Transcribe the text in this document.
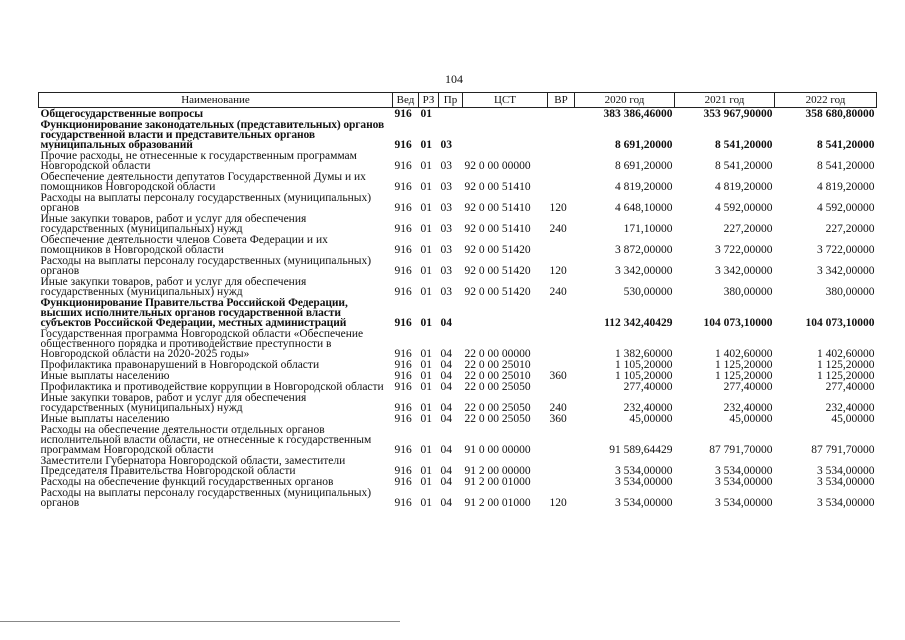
104
Наименование	Вед	РЗ	Пр	ЦСТ	ВР	2020 год	2021 год	2022 год
Общегосударственные вопросы	916	01				383 386,46000	353 967,90000	358 680,80000
Функционирование законодательных (представительных) органов государственной власти и представительных органов муниципальных образований	916	01	03			8 691,20000	8 541,20000	8 541,20000
Прочие расходы, не отнесенные к государственным программам Новгородской области	916	01	03	92 0 00 00000		8 691,20000	8 541,20000	8 541,20000
Обеспечение деятельности депутатов Государственной Думы и их помощников Новгородской области	916	01	03	92 0 00 51410		4 819,20000	4 819,20000	4 819,20000
Расходы на выплаты персоналу государственных (муниципальных) органов	916	01	03	92 0 00 51410	120	4 648,10000	4 592,00000	4 592,00000
Иные закупки товаров, работ и услуг для обеспечения государственных (муниципальных) нужд	916	01	03	92 0 00 51410	240	171,10000	227,20000	227,20000
Обеспечение деятельности членов Совета Федерации и их помощников в Новгородской области	916	01	03	92 0 00 51420		3 872,00000	3 722,00000	3 722,00000
Расходы на выплаты персоналу государственных (муниципальных) органов	916	01	03	92 0 00 51420	120	3 342,00000	3 342,00000	3 342,00000
Иные закупки товаров, работ и услуг для обеспечения государственных (муниципальных) нужд	916	01	03	92 0 00 51420	240	530,00000	380,00000	380,00000
Функционирование Правительства Российской Федерации, высших исполнительных органов государственной власти субъектов Российской Федерации, местных администраций	916	01	04			112 342,40429	104 073,10000	104 073,10000
Государственная программа Новгородской области «Обеспечение общественного порядка и противодействие преступности в Новгородской области на 2020-2025 годы»	916	01	04	22 0 00 00000		1 382,60000	1 402,60000	1 402,60000
Профилактика правонарушений в Новгородской области	916	01	04	22 0 00 25010		1 105,20000	1 125,20000	1 125,20000
Иные выплаты населению	916	01	04	22 0 00 25010	360	1 105,20000	1 125,20000	1 125,20000
Профилактика и противодействие коррупции в Новгородской области	916	01	04	22 0 00 25050		277,40000	277,40000	277,40000
Иные закупки товаров, работ и услуг для обеспечения государственных (муниципальных) нужд	916	01	04	22 0 00 25050	240	232,40000	232,40000	232,40000
Иные выплаты населению	916	01	04	22 0 00 25050	360	45,00000	45,00000	45,00000
Расходы на обеспечение деятельности отдельных органов исполнительной власти области, не отнесенные к государственным программам Новгородской области	916	01	04	91 0 00 00000		91 589,64429	87 791,70000	87 791,70000
Заместители Губернатора Новгородской области, заместители Председателя Правительства Новгородской области	916	01	04	91 2 00 00000		3 534,00000	3 534,00000	3 534,00000
Расходы на обеспечение функций государственных органов	916	01	04	91 2 00 01000		3 534,00000	3 534,00000	3 534,00000
Расходы на выплаты персоналу государственных (муниципальных) органов	916	01	04	91 2 00 01000	120	3 534,00000	3 534,00000	3 534,00000
